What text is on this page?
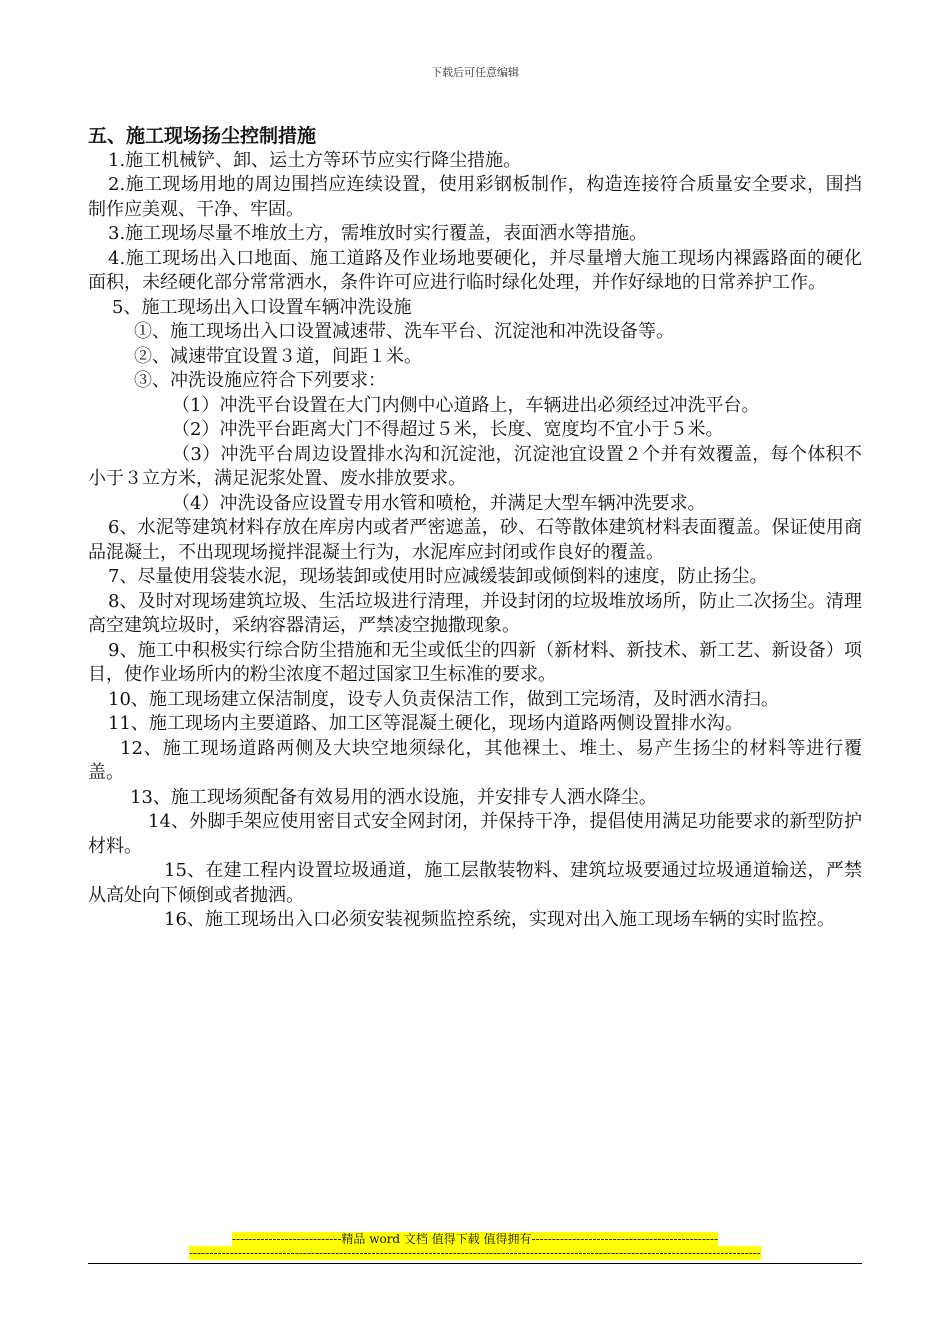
下载后可任意编辑
五、施工现场扬尘控制措施

1.施工机械铲、卸、运土方等环节应实行降尘措施。

2.施工现场用地的周边围挡应连续设置，使用彩钢板制作，构造连接符合质量安全要求，围挡制作应美观、干净、牢固。

3.施工现场尽量不堆放土方，需堆放时实行覆盖，表面洒水等措施。

4.施工现场出入口地面、施工道路及作业场地要硬化，并尽量增大施工现场内裸露路面的硬化面积，未经硬化部分常常洒水，条件许可应进行临时绿化处理，并作好绿地的日常养护工作。

5、施工现场出入口设置车辆冲洗设施

①、施工现场出入口设置减速带、洗车平台、沉淀池和冲洗设备等。

②、减速带宜设置３道，间距１米。

③、冲洗设施应符合下列要求：

（1）冲洗平台设置在大门内侧中心道路上，车辆进出必须经过冲洗平台。

（2）冲洗平台距离大门不得超过５米，长度、宽度均不宜小于５米。

（3）冲洗平台周边设置排水沟和沉淀池，沉淀池宜设置２个并有效覆盖，每个体积不小于３立方米，满足泥浆处置、废水排放要求。

（4）冲洗设备应设置专用水管和喷枪，并满足大型车辆冲洗要求。

6、水泥等建筑材料存放在库房内或者严密遮盖，砂、石等散体建筑材料表面覆盖。保证使用商品混凝土，不出现现场搅拌混凝土行为，水泥库应封闭或作良好的覆盖。

7、尽量使用袋装水泥，现场装卸或使用时应减缓装卸或倾倒料的速度，防止扬尘。

8、及时对现场建筑垃圾、生活垃圾进行清理，并设封闭的垃圾堆放场所，防止二次扬尘。清理高空建筑垃圾时，采纳容器清运，严禁凌空抛撒现象。

9、施工中积极实行综合防尘措施和无尘或低尘的四新（新材料、新技术、新工艺、新设备）项目，使作业场所内的粉尘浓度不超过国家卫生标准的要求。

10、施工现场建立保洁制度，设专人负责保洁工作，做到工完场清，及时洒水清扫。

11、施工现场内主要道路、加工区等混凝土硬化，现场内道路两侧设置排水沟。

12、施工现场道路两侧及大块空地须绿化，其他裸土、堆土、易产生扬尘的材料等进行覆盖。

13、施工现场须配备有效易用的洒水设施，并安排专人洒水降尘。

14、外脚手架应使用密目式安全网封闭，并保持干净，提倡使用满足功能要求的新型防护材料。

15、在建工程内设置垃圾通道，施工层散装物料、建筑垃圾要通过垃圾通道输送，严禁从高处向下倾倒或者抛洒。

16、施工现场出入口必须安装视频监控系统，实现对出入施工现场车辆的实时监控。

---------------------------精品 word 文档 值得下载 值得拥有----------------------------------------------
---------------------------------------------------------------------------------------------------------------------------------------------
